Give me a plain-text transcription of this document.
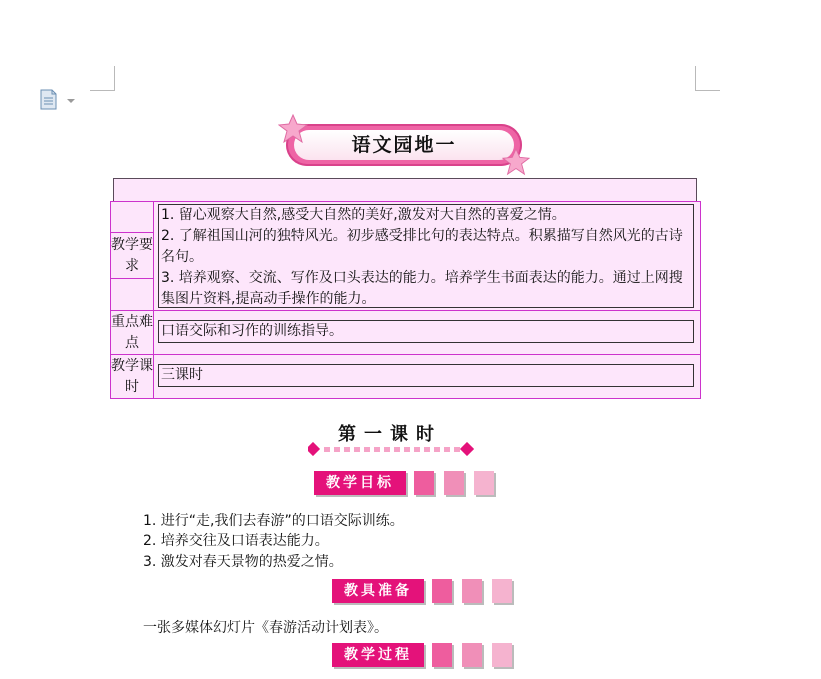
语文园地一
教学要求
重点难点
教学课时
1. 留心观察大自然,感受大自然的美好,激发对大自然的喜爱之情。
2. 了解祖国山河的独特风光。初步感受排比句的表达特点。积累描写自然风光的古诗名句。
3. 培养观察、交流、写作及口头表达的能力。培养学生书面表达的能力。通过上网搜集图片资料,提高动手操作的能力。
口语交际和习作的训练指导。
三课时
第一课时
教学目标
1. 进行“走,我们去春游”的口语交际训练。
2. 培养交往及口语表达能力。
3. 激发对春天景物的热爱之情。
教具准备
一张多媒体幻灯片《春游活动计划表》。
教学过程
